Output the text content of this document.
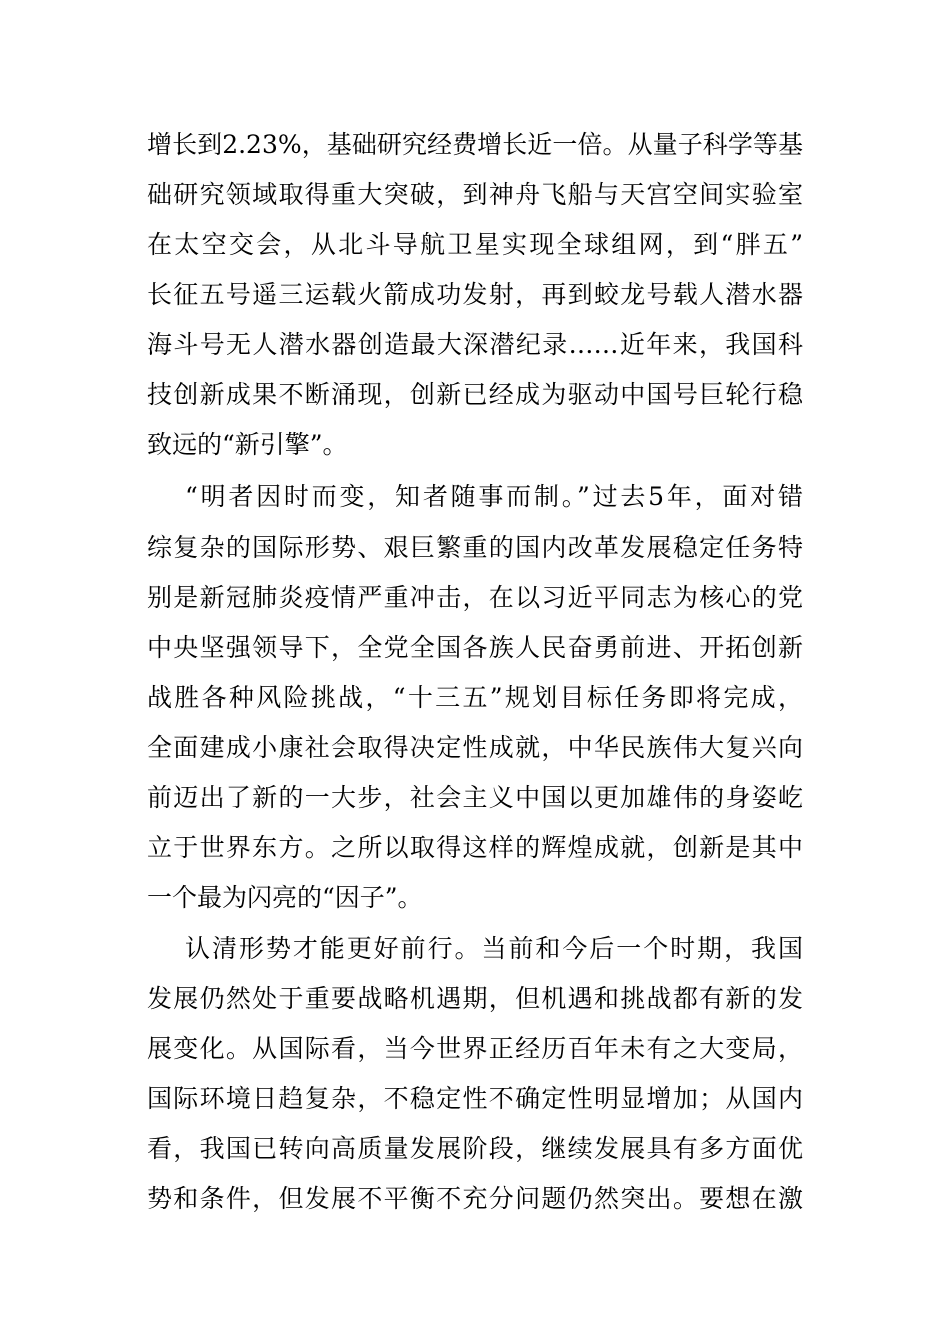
增长到2.23%，基础研究经费增长近一倍。从量子科学等基
础研究领域取得重大突破，到神舟飞船与天宫空间实验室
在太空交会，从北斗导航卫星实现全球组网，到“胖五”
长征五号遥三运载火箭成功发射，再到蛟龙号载人潜水器
海斗号无人潜水器创造最大深潜纪录……近年来，我国科
技创新成果不断涌现，创新已经成为驱动中国号巨轮行稳
致远的“新引擎”。
“明者因时而变，知者随事而制。”过去5年，面对错
综复杂的国际形势、艰巨繁重的国内改革发展稳定任务特
别是新冠肺炎疫情严重冲击，在以习近平同志为核心的党
中央坚强领导下，全党全国各族人民奋勇前进、开拓创新
战胜各种风险挑战，“十三五”规划目标任务即将完成，
全面建成小康社会取得决定性成就，中华民族伟大复兴向
前迈出了新的一大步，社会主义中国以更加雄伟的身姿屹
立于世界东方。之所以取得这样的辉煌成就，创新是其中
一个最为闪亮的“因子”。
认清形势才能更好前行。当前和今后一个时期，我国
发展仍然处于重要战略机遇期，但机遇和挑战都有新的发
展变化。从国际看，当今世界正经历百年未有之大变局，
国际环境日趋复杂，不稳定性不确定性明显增加；从国内
看，我国已转向高质量发展阶段，继续发展具有多方面优
势和条件，但发展不平衡不充分问题仍然突出。要想在激
